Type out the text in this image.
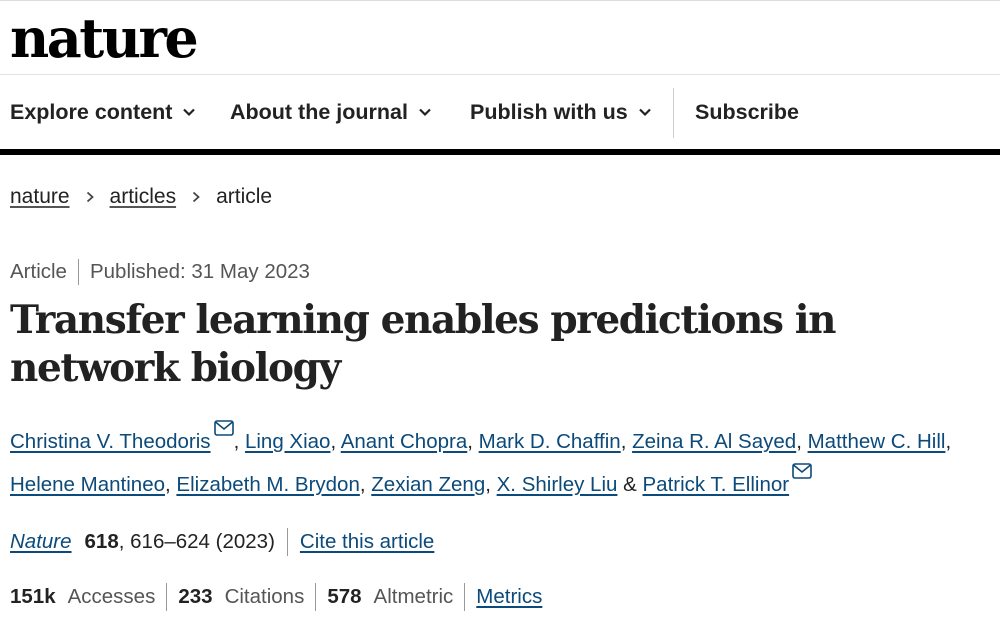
nature
Explore content	About the journal	Publish with us	Subscribe
nature articles article
Article Published: 31 May 2023
Transfer learning enables predictions in network biology
Christina V. Theodoris , Ling Xiao, Anant Chopra, Mark D. Chaffin, Zeina R. Al Sayed, Matthew C. Hill, Helene Mantineo, Elizabeth M. Brydon, Zexian Zeng, X. Shirley Liu & Patrick T. Ellinor
Nature 618 , 616–624 (2023) Cite this article
151k Accesses 233 Citations 578 Altmetric Metrics
